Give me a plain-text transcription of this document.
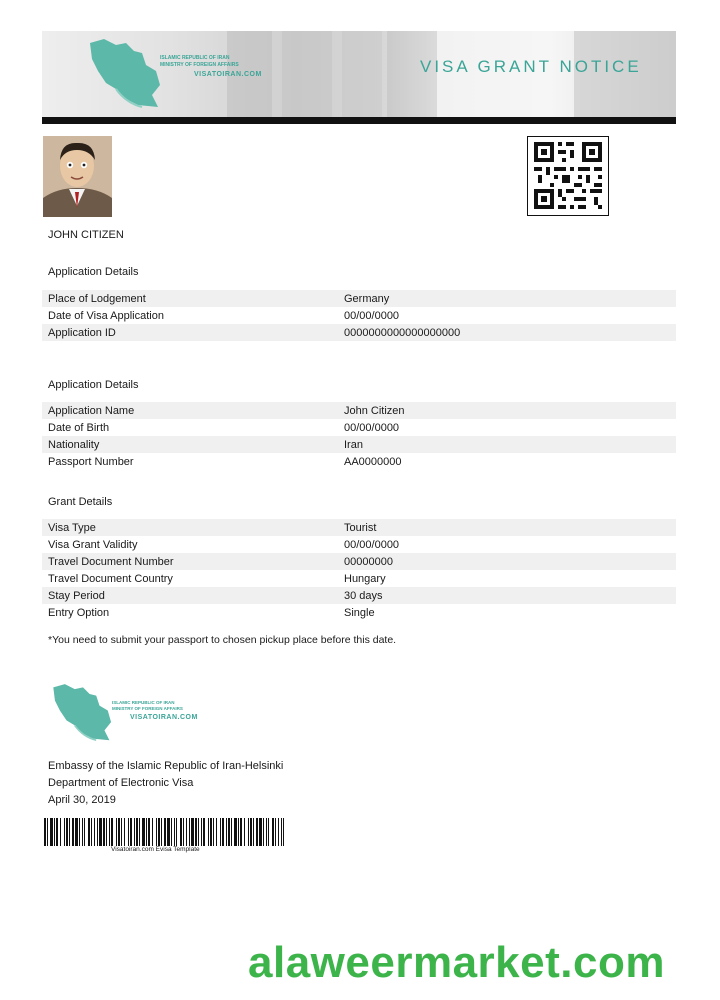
ISLAMIC REPUBLIC OF IRAN
MINISTRY OF FOREIGN AFFAIRS
VISATOIRAN.COM	VISA GRANT NOTICE
JOHN CITIZEN
Application Details
Place of Lodgement	Germany
Date of Visa Application	00/00/0000
Application ID	0000000000000000000
Application Details
Application Name	John Citizen
Date of Birth	00/00/0000
Nationality	Iran
Passport Number	AA0000000
Grant Details
Visa Type	Tourist
Visa Grant Validity	00/00/0000
Travel Document Number	00000000
Travel Document Country	Hungary
Stay Period	30 days
Entry Option	Single
*You need to submit your passport to chosen pickup place before this date.
ISLAMIC REPUBLIC OF IRAN
MINISTRY OF FOREIGN AFFAIRS
VISATOIRAN.COM
Embassy of the Islamic Republic of Iran-Helsinki
Department of Electronic Visa
April 30, 2019
Visatoiran.com Evisa Template
alaweermarket.com
